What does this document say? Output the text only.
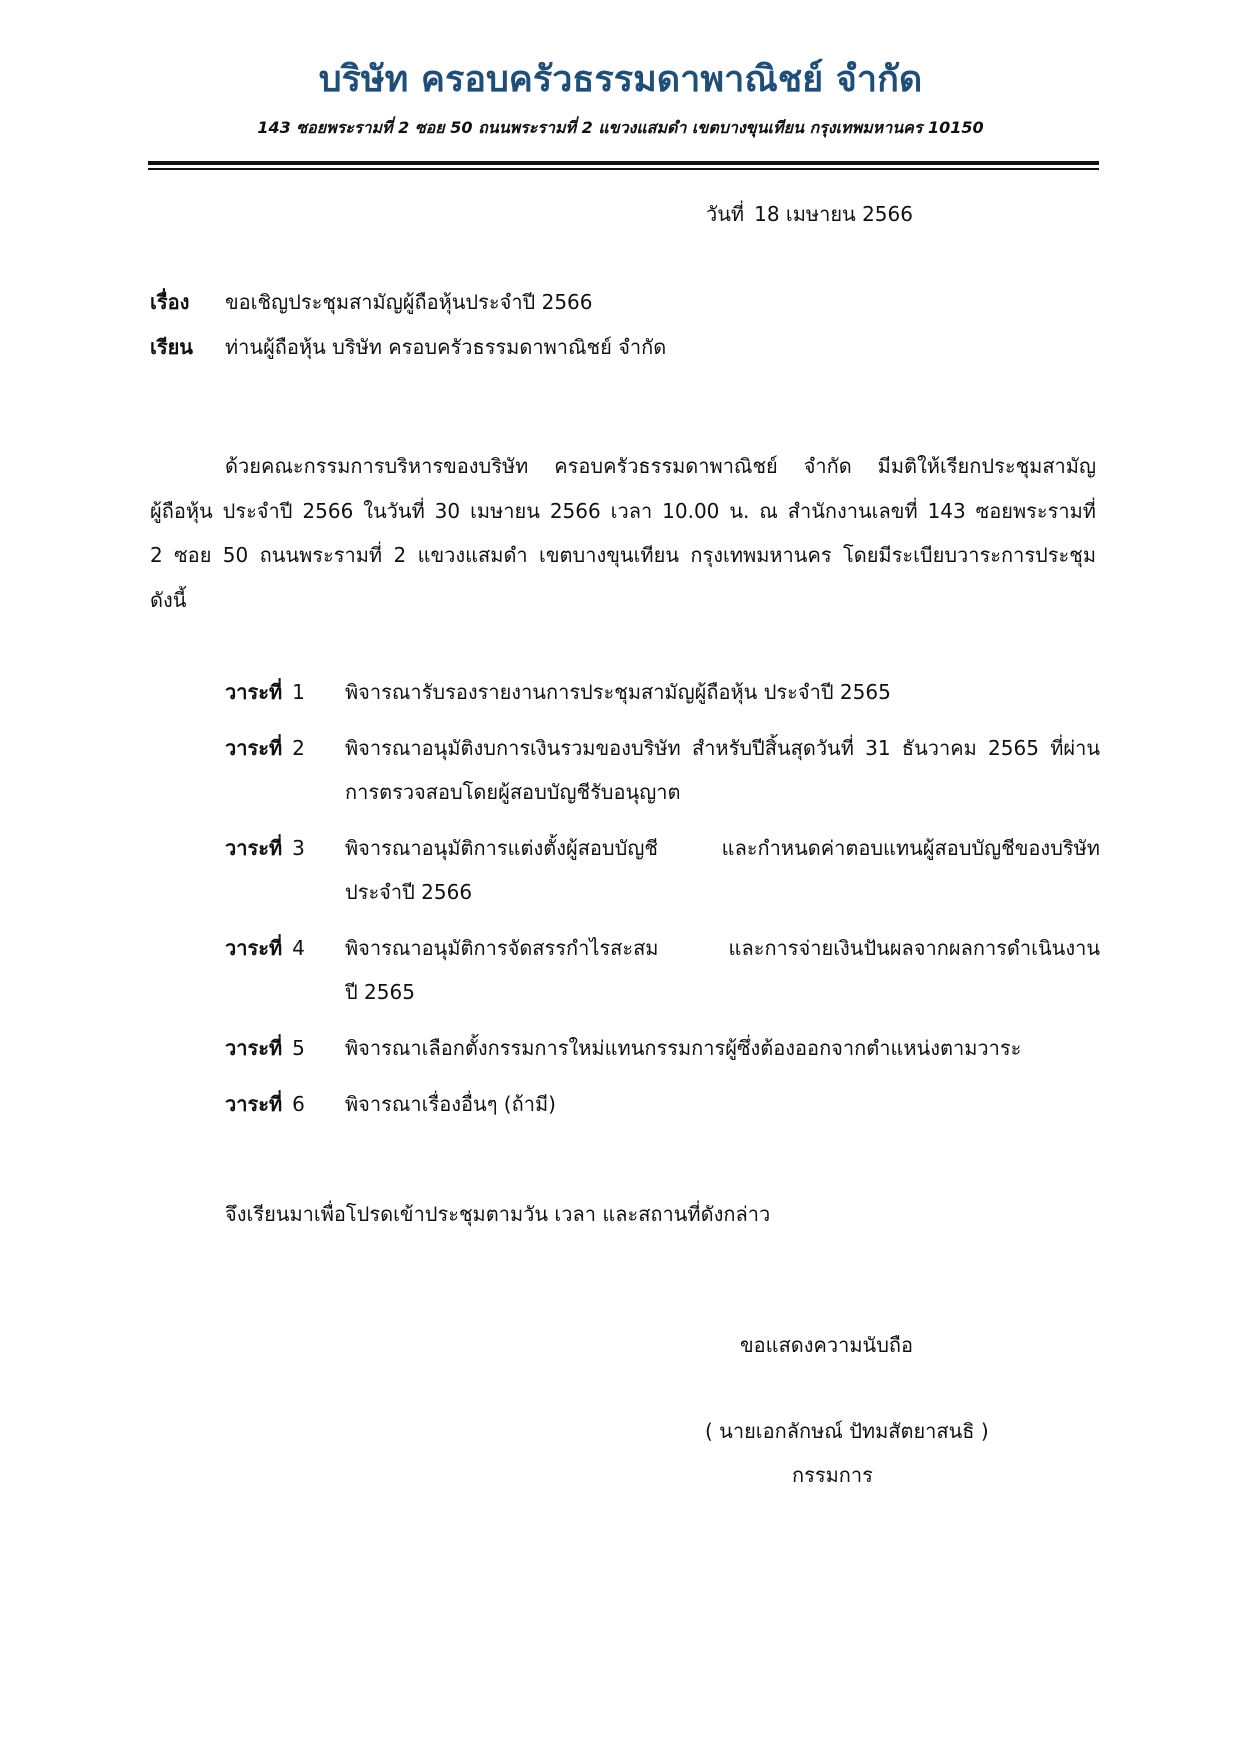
บริษัท ครอบครัวธรรมดาพาณิชย์ จำกัด
143 ซอยพระรามที่ 2 ซอย 50 ถนนพระรามที่ 2 แขวงแสมดำ เขตบางขุนเทียน กรุงเทพมหานคร 10150
วันที่ 18 เมษายน 2566
เรื่อง ขอเชิญประชุมสามัญผู้ถือหุ้นประจำปี 2566
เรียน ท่านผู้ถือหุ้น บริษัท ครอบครัวธรรมดาพาณิชย์ จำกัด
ด้วยคณะกรรมการบริหารของบริษัท ครอบครัวธรรมดาพาณิชย์ จำกัด มีมติให้เรียกประชุมสามัญ
ผู้ถือหุ้น ประจำปี 2566 ในวันที่ 30 เมษายน 2566 เวลา 10.00 น. ณ สำนักงานเลขที่ 143 ซอยพระรามที่
2 ซอย 50 ถนนพระรามที่ 2 แขวงแสมดำ เขตบางขุนเทียน กรุงเทพมหานคร โดยมีระเบียบวาระการประชุม
ดังนี้
วาระที่ 1	พิจารณารับรองรายงานการประชุมสามัญผู้ถือหุ้น ประจำปี 2565
วาระที่ 2	พิจารณาอนุมัติงบการเงินรวมของบริษัท สำหรับปีสิ้นสุดวันที่ 31 ธันวาคม 2565 ที่ผ่าน
การตรวจสอบโดยผู้สอบบัญชีรับอนุญาต
วาระที่ 3	พิจารณาอนุมัติการแต่งตั้งผู้สอบบัญชี และกำหนดค่าตอบแทนผู้สอบบัญชีของบริษัท
ประจำปี 2566
วาระที่ 4	พิจารณาอนุมัติการจัดสรรกำไรสะสม และการจ่ายเงินปันผลจากผลการดำเนินงาน
ปี 2565
วาระที่ 5	พิจารณาเลือกตั้งกรรมการใหม่แทนกรรมการผู้ซึ่งต้องออกจากตำแหน่งตามวาระ
วาระที่ 6	พิจารณาเรื่องอื่นๆ (ถ้ามี)
จึงเรียนมาเพื่อโปรดเข้าประชุมตามวัน เวลา และสถานที่ดังกล่าว
ขอแสดงความนับถือ
( นายเอกลักษณ์ ปัทมสัตยาสนธิ )
กรรมการ
